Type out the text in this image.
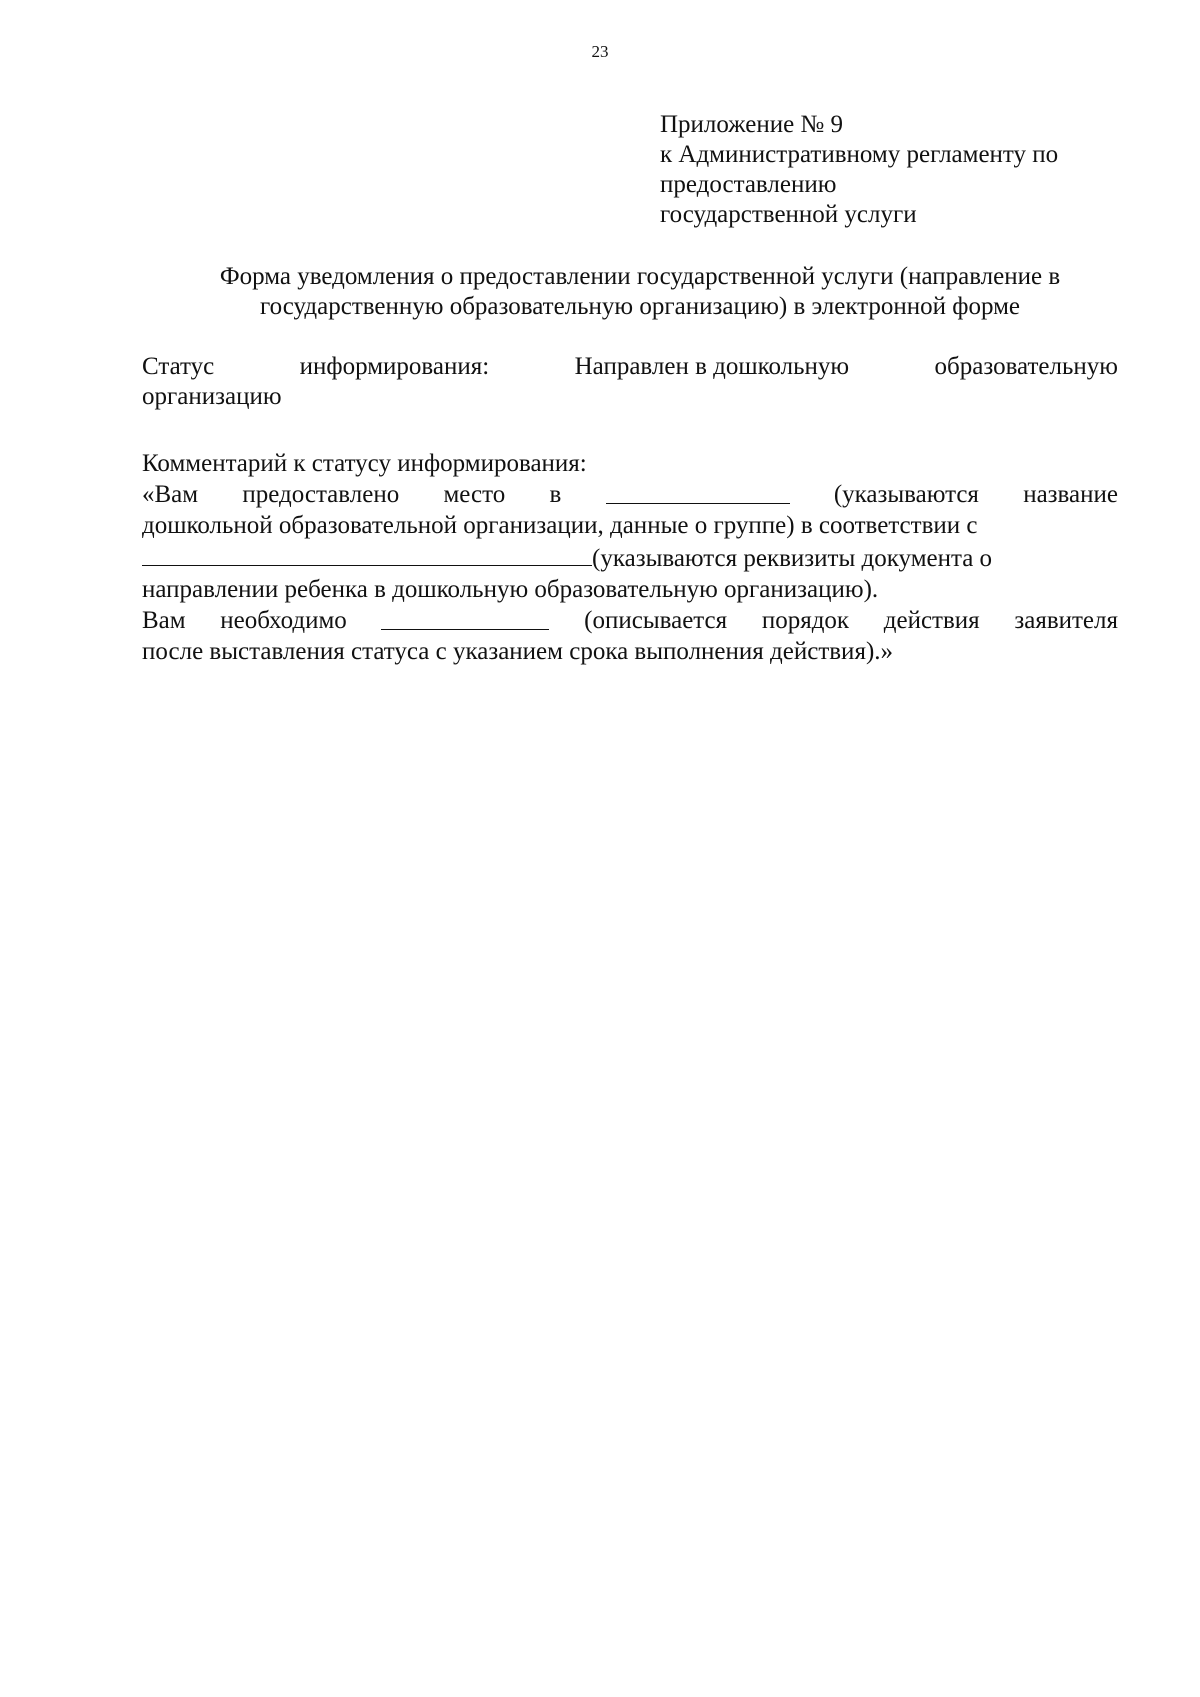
23
Приложение № 9
к Административному регламенту по
предоставлению
государственной услуги
Форма уведомления о предоставлении государственной услуги (направление в
государственную образовательную организацию) в электронной форме
Статус	информирования:	Направлен в дошкольную	образовательную
организацию
Комментарий к статусу информирования:
«Вам предоставлено место в	(указываются название
дошкольной образовательной организации, данные о группе) в соответствии с
(указываются реквизиты документа о
направлении ребенка в дошкольную образовательную организацию).
Вам необходимо	(описывается порядок действия заявителя
после выставления статуса с указанием срока выполнения действия).»
